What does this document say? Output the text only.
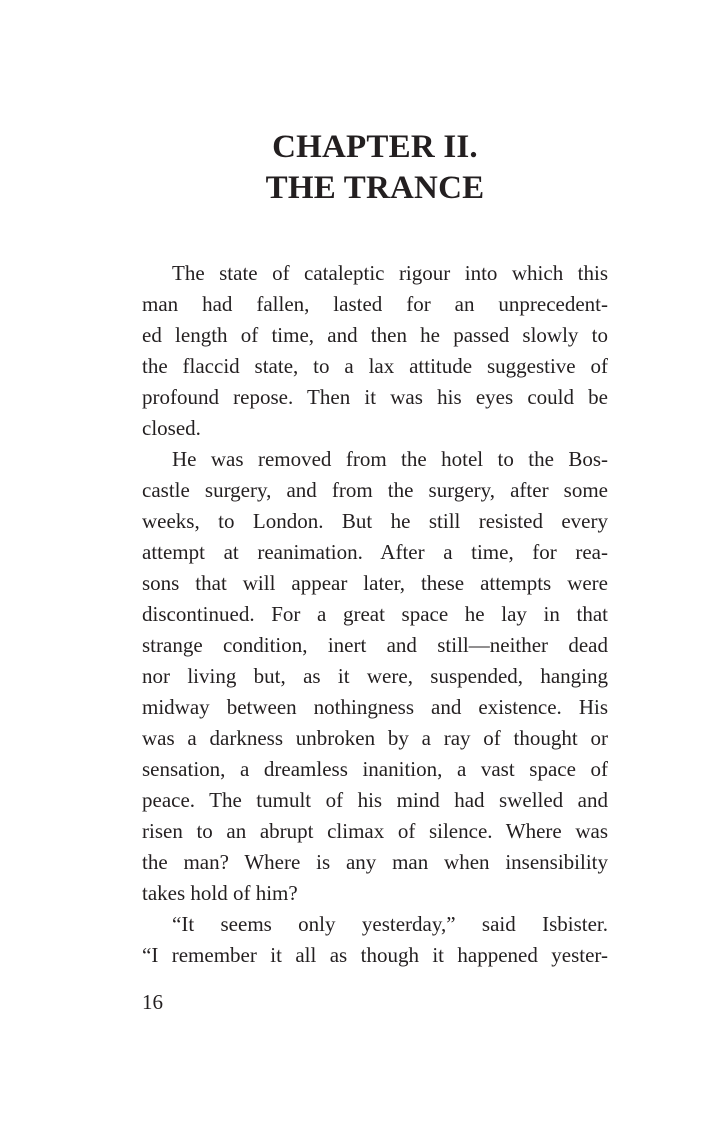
CHAPTER II.
THE TRANCE
The state of cataleptic rigour into which this
man had fallen, lasted for an unprecedent-
ed length of time, and then he passed slowly to
the flaccid state, to a lax attitude suggestive of
profound repose. Then it was his eyes could be
closed.
He was removed from the hotel to the Bos-
castle surgery, and from the surgery, after some
weeks, to London. But he still resisted every
attempt at reanimation. After a time, for rea-
sons that will appear later, these attempts were
discontinued. For a great space he lay in that
strange condition, inert and still—neither dead
nor living but, as it were, suspended, hanging
midway between nothingness and existence. His
was a darkness unbroken by a ray of thought or
sensation, a dreamless inanition, a vast space of
peace. The tumult of his mind had swelled and
risen to an abrupt climax of silence. Where was
the man? Where is any man when insensibility
takes hold of him?
“It seems only yesterday,” said Isbister.
“I remember it all as though it happened yester-
16
